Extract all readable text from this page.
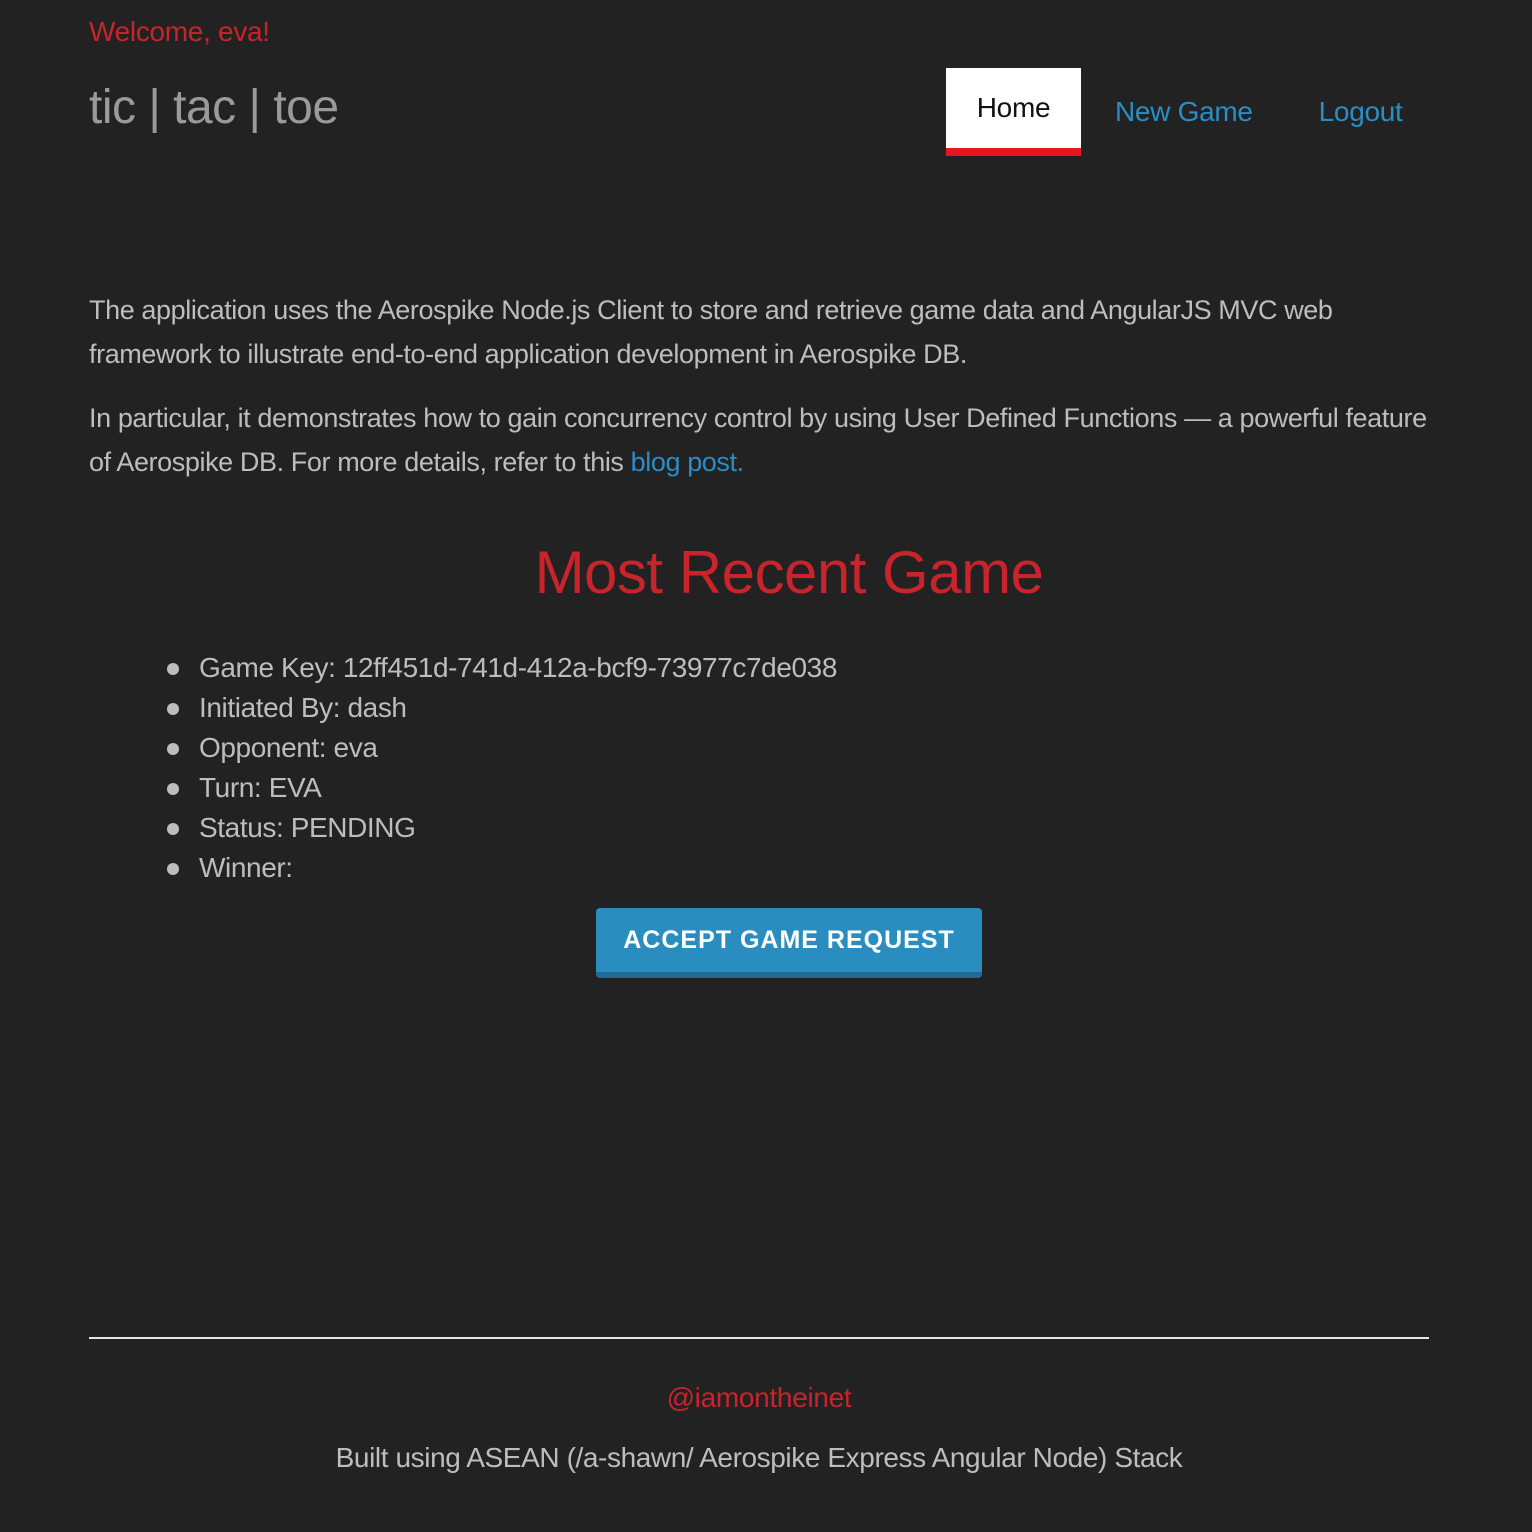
Welcome, eva!
tic | tac | toe	Home	New Game	Logout

The application uses the Aerospike Node.js Client to store and retrieve game data and AngularJS MVC web framework to illustrate end-to-end application development in Aerospike DB.

In particular, it demonstrates how to gain concurrency control by using User Defined Functions — a powerful feature of Aerospike DB. For more details, refer to this blog post.

Most Recent Game
Game Key: 12ff451d-741d-412a-bcf9-73977c7de038
Initiated By: dash
Opponent: eva
Turn: EVA
Status: PENDING
Winner:
ACCEPT GAME REQUEST
@iamontheinet
Built using ASEAN (/a-shawn/ Aerospike Express Angular Node) Stack
